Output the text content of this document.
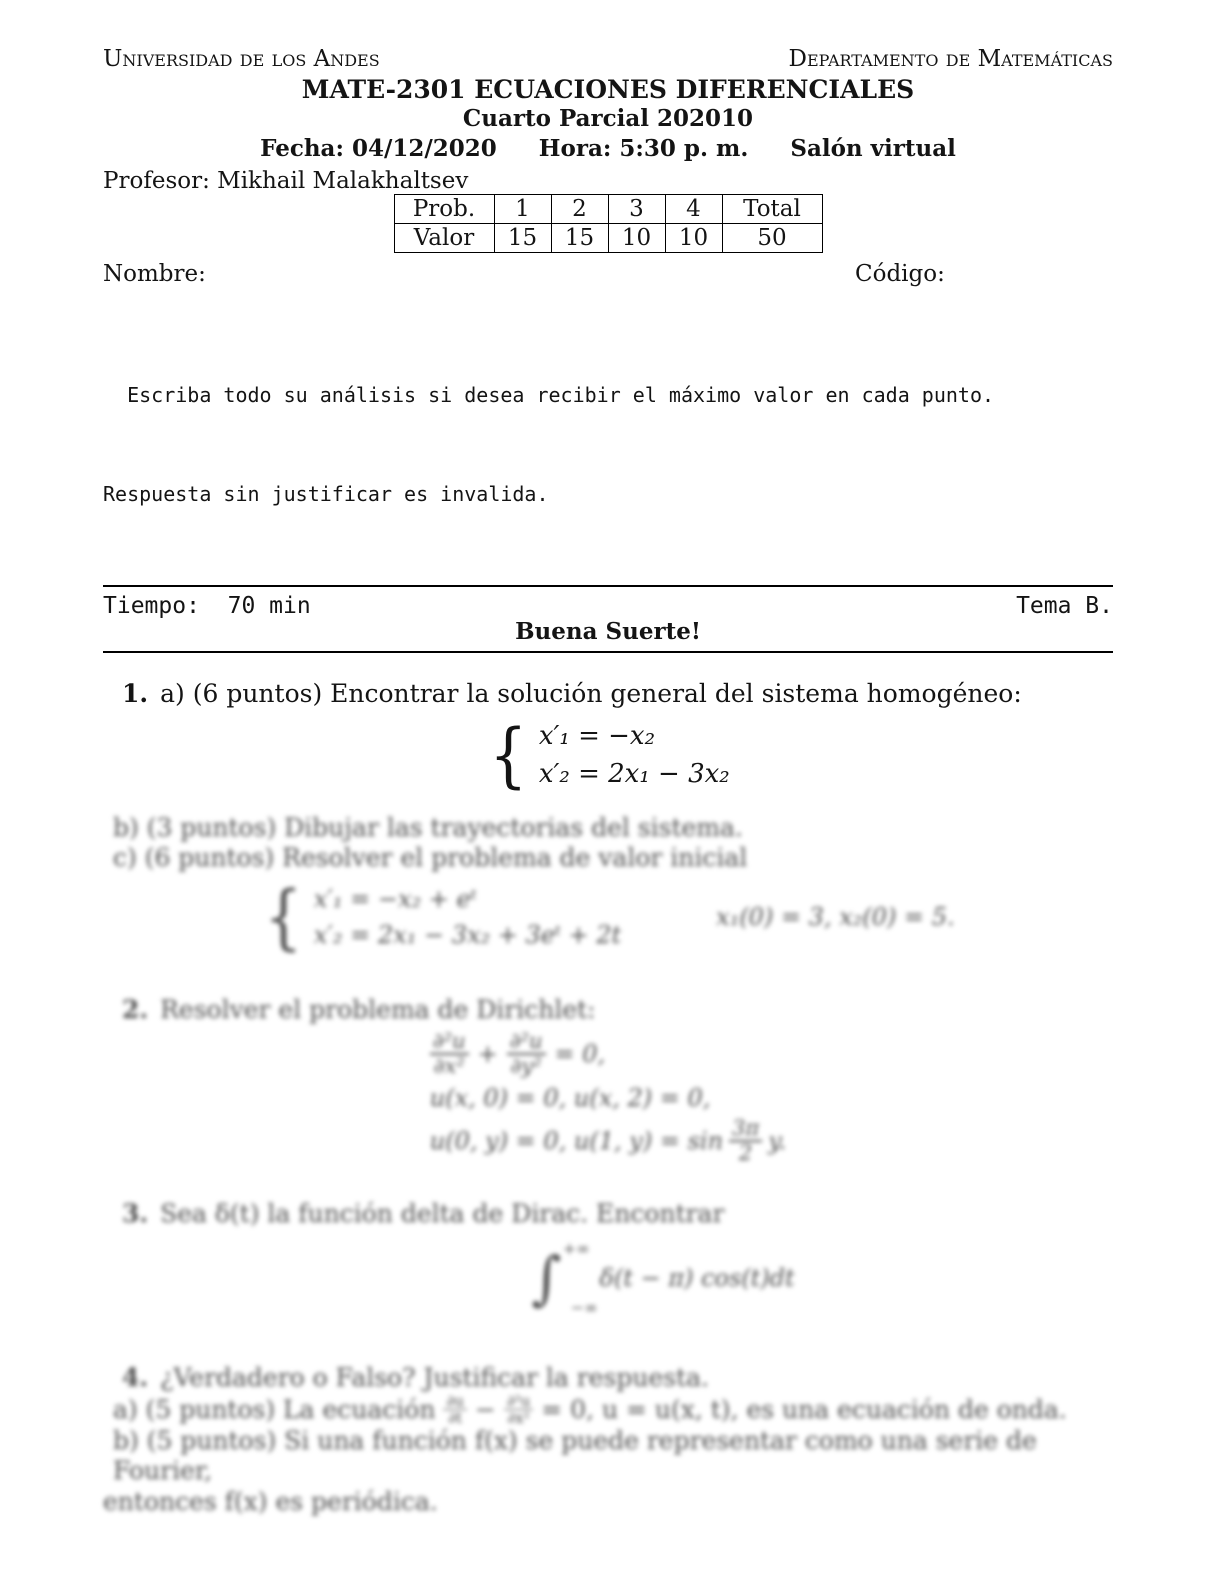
Universidad de los Andes	Departamento de Matemáticas
MATE-2301 ECUACIONES DIFERENCIALES
Cuarto Parcial 202010
Fecha: 04/12/2020 Hora: 5:30 p. m. Salón virtual
Profesor: Mikhail Malakhaltsev
Prob.	1	2	3	4	Total
Valor	15	15	10	10	50
Nombre:	Código:

Escriba todo su análisis si desea recibir el máximo valor en cada punto.

Respuesta sin justificar es invalida.

Tiempo:  70 min	Tema B.
Buena Suerte!
1. a) (6 puntos) Encontrar la solución general del sistema homogéneo:
{ x′₁ = −x₂
x′₂ = 2x₁ − 3x₂
b) (3 puntos) Dibujar las trayectorias del sistema.
c) (6 puntos) Resolver el problema de valor inicial
{ x′₁ = −x₂ + eᵗ
x′₂ = 2x₁ − 3x₂ + 3eᵗ + 2t
x₁(0) = 3, x₂(0) = 5.
2. Resolver el problema de Dirichlet:
$\frac{\text{∂²u}}{\text{∂x²}} + \frac{\text{∂²u}}{\text{∂y²}} = 0$,
u(x, 0) = 0, u(x, 2) = 0,
u(0, y) = 0, u(1, $y) = \sin \frac{3\pi}{2} y$.
3. Sea δ(t) la función delta de Dirac. Encontrar
+∞
∫ −∞
δ(t − π) cos(t)dt
4. ¿Verdadero o Falso? Justificar la respuesta.
a) (5 puntos) La ecuación $\frac{\partial u}{\partial t} - \frac{\text{∂²u}}{\text{∂x²}} = 0$, u = u(x, t), es una ecuación de onda.
b) (5 puntos) Si una función f(x) se puede representar como una serie de Fourier,
entonces f(x) es periódica.
